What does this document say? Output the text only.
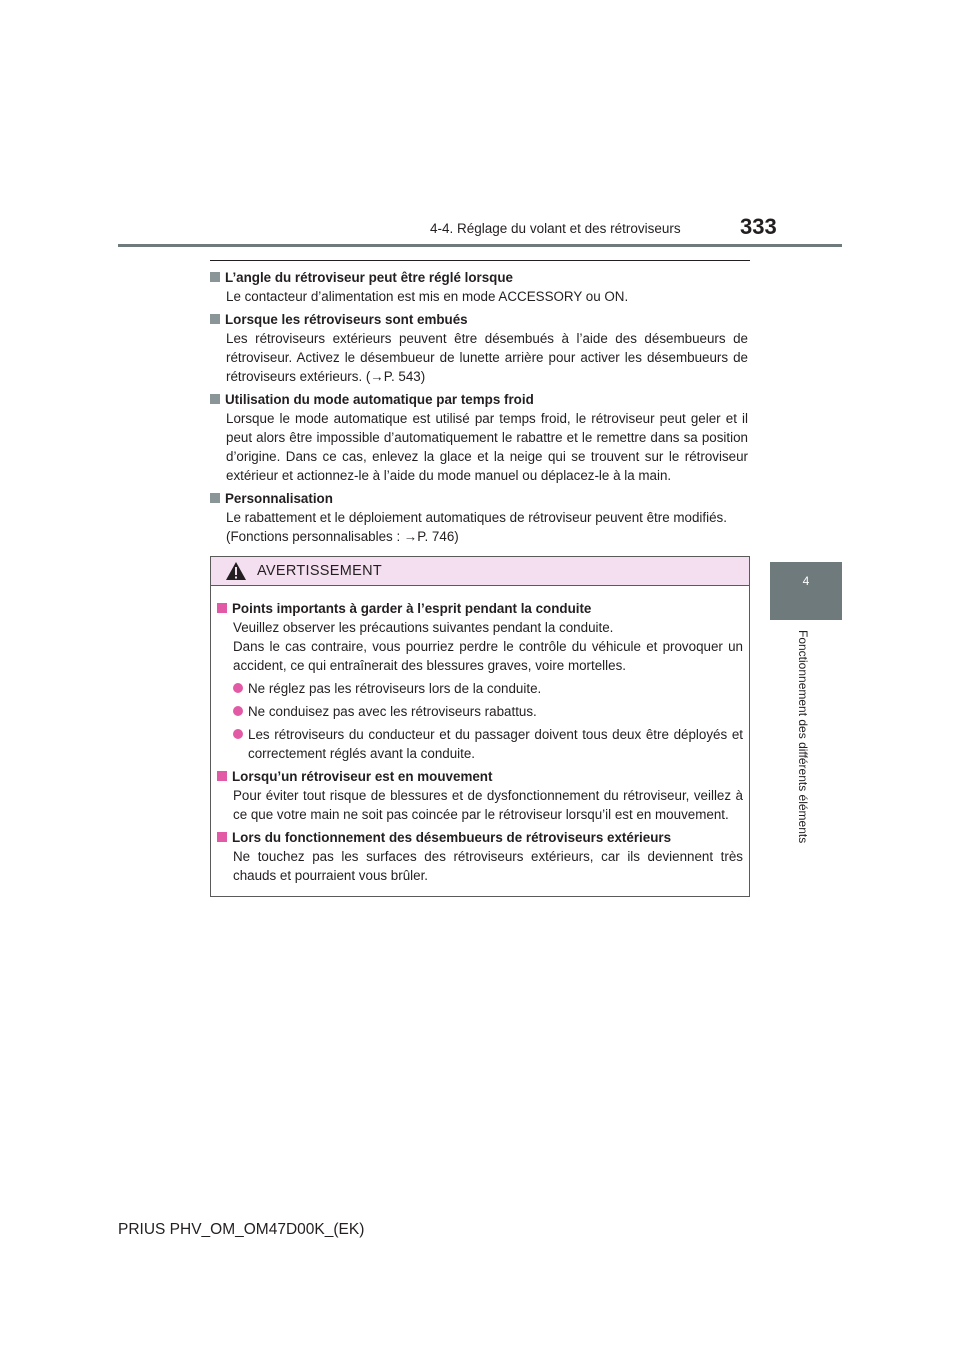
4-4. Réglage du volant et des rétroviseurs	333
L’angle du rétroviseur peut être réglé lorsque

Le contacteur d’alimentation est mis en mode ACCESSORY ou ON.

Lorsque les rétroviseurs sont embués

Les rétroviseurs extérieurs peuvent être désembués à l’aide des désembueurs de rétroviseur. Activez le désembueur de lunette arrière pour activer les désembueurs de rétroviseurs extérieurs. (→P. 543)

Utilisation du mode automatique par temps froid

Lorsque le mode automatique est utilisé par temps froid, le rétroviseur peut geler et il peut alors être impossible d’automatiquement le rabattre et le remettre dans sa position d’origine. Dans ce cas, enlevez la glace et la neige qui se trouvent sur le rétroviseur extérieur et actionnez-le à l’aide du mode manuel ou déplacez-le à la main.

Personnalisation

Le rabattement et le déploiement automatiques de rétroviseur peuvent être modifiés.

(Fonctions personnalisables : →P. 746)

AVERTISSEMENT
Points importants à garder à l’esprit pendant la conduite

Veuillez observer les précautions suivantes pendant la conduite.

Dans le cas contraire, vous pourriez perdre le contrôle du véhicule et provoquer un accident, ce qui entraînerait des blessures graves, voire mortelles.

Ne réglez pas les rétroviseurs lors de la conduite.
Ne conduisez pas avec les rétroviseurs rabattus.
Les rétroviseurs du conducteur et du passager doivent tous deux être déployés et correctement réglés avant la conduite.
Lorsqu’un rétroviseur est en mouvement

Pour éviter tout risque de blessures et de dysfonctionnement du rétroviseur, veillez à ce que votre main ne soit pas coincée par le rétroviseur lorsqu’il est en mouvement.

Lors du fonctionnement des désembueurs de rétroviseurs extérieurs

Ne touchez pas les surfaces des rétroviseurs extérieurs, car ils deviennent très chauds et pourraient vous brûler.

4
Fonctionnement des différents éléments
PRIUS PHV_OM_OM47D00K_(EK)
